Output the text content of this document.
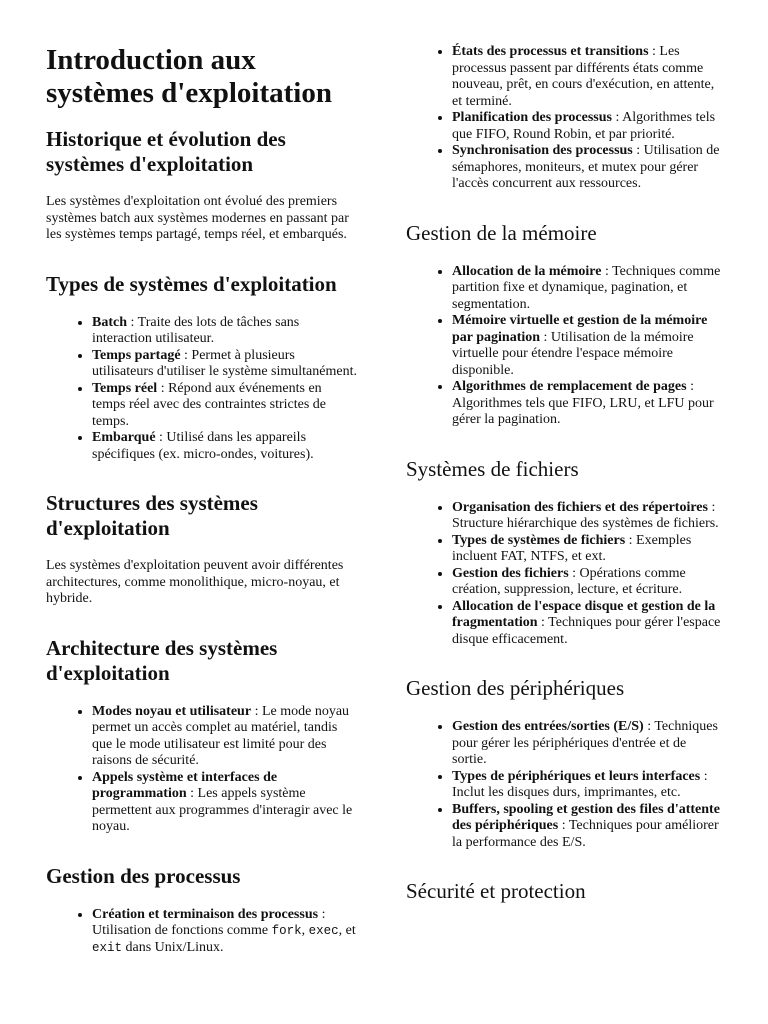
Introduction aux systèmes d'exploitation
Historique et évolution des systèmes d'exploitation

Les systèmes d'exploitation ont évolué des premiers systèmes batch aux systèmes modernes en passant par les systèmes temps partagé, temps réel, et embarqués.

Types de systèmes d'exploitation
• Batch : Traite des lots de tâches sans interaction utilisateur.
• Temps partagé : Permet à plusieurs utilisateurs d'utiliser le système simultanément.
• Temps réel : Répond aux événements en temps réel avec des contraintes strictes de temps.
• Embarqué : Utilisé dans les appareils spécifiques (ex. micro-ondes, voitures).
Structures des systèmes d'exploitation

Les systèmes d'exploitation peuvent avoir différentes architectures, comme monolithique, micro-noyau, et hybride.

Architecture des systèmes d'exploitation
• Modes noyau et utilisateur : Le mode noyau permet un accès complet au matériel, tandis que le mode utilisateur est limité pour des raisons de sécurité.
• Appels système et interfaces de programmation : Les appels système permettent aux programmes d'interagir avec le noyau.
Gestion des processus
• Création et terminaison des processus : Utilisation de fonctions comme fork, exec, et exit dans Unix/Linux.
• États des processus et transitions : Les processus passent par différents états comme nouveau, prêt, en cours d'exécution, en attente, et terminé.
• Planification des processus : Algorithmes tels que FIFO, Round Robin, et par priorité.
• Synchronisation des processus : Utilisation de sémaphores, moniteurs, et mutex pour gérer l'accès concurrent aux ressources.
Gestion de la mémoire
• Allocation de la mémoire : Techniques comme partition fixe et dynamique, pagination, et segmentation.
• Mémoire virtuelle et gestion de la mémoire par pagination : Utilisation de la mémoire virtuelle pour étendre l'espace mémoire disponible.
• Algorithmes de remplacement de pages : Algorithmes tels que FIFO, LRU, et LFU pour gérer la pagination.
Systèmes de fichiers
• Organisation des fichiers et des répertoires : Structure hiérarchique des systèmes de fichiers.
• Types de systèmes de fichiers : Exemples incluent FAT, NTFS, et ext.
• Gestion des fichiers : Opérations comme création, suppression, lecture, et écriture.
• Allocation de l'espace disque et gestion de la fragmentation : Techniques pour gérer l'espace disque efficacement.
Gestion des périphériques
• Gestion des entrées/sorties (E/S) : Techniques pour gérer les périphériques d'entrée et de sortie.
• Types de périphériques et leurs interfaces : Inclut les disques durs, imprimantes, etc.
• Buffers, spooling et gestion des files d'attente des périphériques : Techniques pour améliorer la performance des E/S.
Sécurité et protection
